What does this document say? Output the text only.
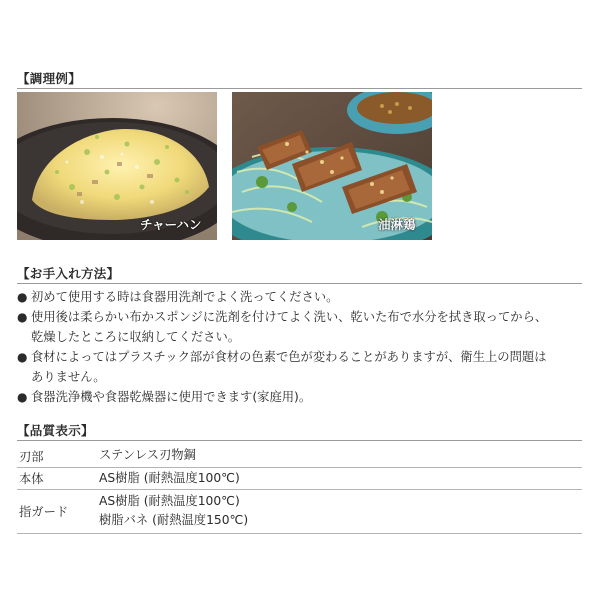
【調理例】
チャーハン	油淋鶏
【お手入れ方法】
● 初めて使用する時は食器用洗剤でよく洗ってください。
● 使用後は柔らかい布かスポンジに洗剤を付けてよく洗い、乾いた布で水分を拭き取ってから、
乾燥したところに収納してください。
● 食材によってはプラスチック部が食材の色素で色が変わることがありますが、衛生上の問題は
ありません。
● 食器洗浄機や食器乾燥器に使用できます(家庭用)。
【品質表示】
刃部	ステンレス刃物鋼

本体	AS樹脂 (耐熱温度100℃)

指ガード	AS樹脂 (耐熱温度100℃)
樹脂バネ (耐熱温度150℃)
